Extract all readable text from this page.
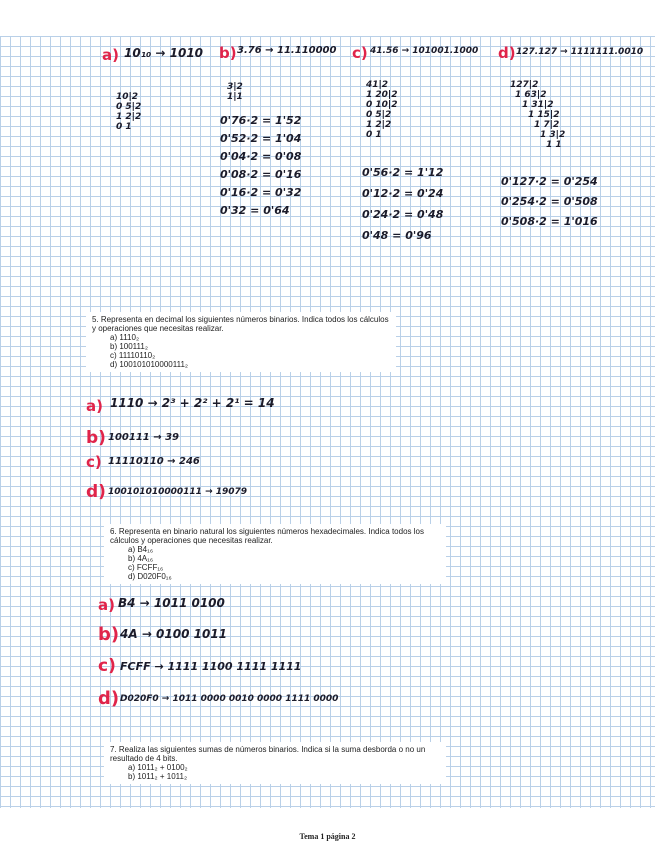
a) 10₁₀ → 1010 b) 3.76 → 11.110000 c) 41.56 → 101001.1000 d) 127.127 → 1111111.0010
10|2
0 5|2
1 2|2
0 1
3|2
1|1
0'76·2 = 1'52
0'52·2 = 1'04
0'04·2 = 0'08
0'08·2 = 0'16
0'16·2 = 0'32
0'32 = 0'64
41|2
1 20|2
0 10|2
0 5|2
1 2|2
0 1
0'56·2 = 1'12
0'12·2 = 0'24
0'24·2 = 0'48
0'48 = 0'96
127|2
1 63|2
1 31|2
1 15|2
1 7|2
1 3|2
1 1
0'127·2 = 0'254
0'254·2 = 0'508
0'508·2 = 1'016
5. Representa en decimal los siguientes números binarios. Indica todos los cálculos y operaciones que necesitas realizar.
a) 1110₂
b) 100111₂
c) 11110110₂
d) 100101010000111₂
a) 1110 → 2³ + 2² + 2¹ = 14
b) 100111 → 39
c) 11110110 → 246
d) 100101010000111 → 19079
6. Representa en binario natural los siguientes números hexadecimales. Indica todos los cálculos y operaciones que necesitas realizar.
a) B4₁₆
b) 4A₁₆
c) FCFF₁₆
d) D020F0₁₆
a) B4 → 1011 0100
b) 4A → 0100 1011
c) FCFF → 1111 1100 1111 1111
d) D020F0 → 1011 0000 0010 0000 1111 0000
7. Realiza las siguientes sumas de números binarios. Indica si la suma desborda o no un resultado de 4 bits.
a) 1011₂ + 0100₂
b) 1011₂ + 1011₂
Tema 1 página 2
